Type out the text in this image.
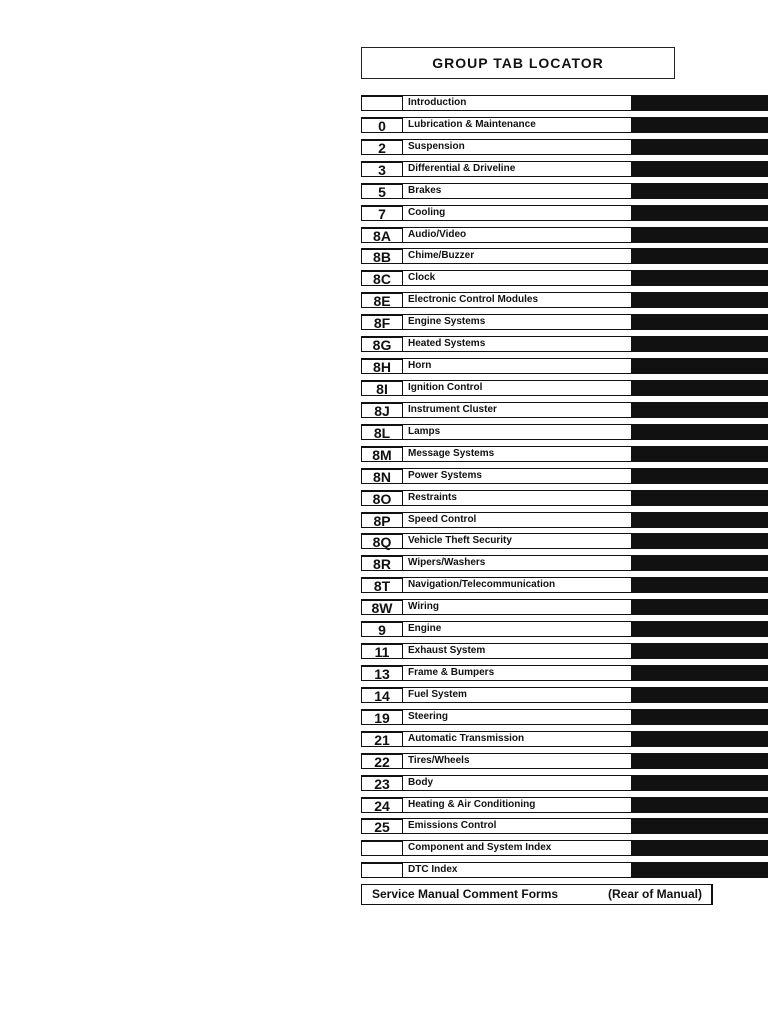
GROUP TAB LOCATOR
Introduction
0	Lubrication & Maintenance
2	Suspension
3	Differential & Driveline
5	Brakes
7	Cooling
8A	Audio/Video
8B	Chime/Buzzer
8C	Clock
8E	Electronic Control Modules
8F	Engine Systems
8G	Heated Systems
8H	Horn
8I	Ignition Control
8J	Instrument Cluster
8L	Lamps
8M	Message Systems
8N	Power Systems
8O	Restraints
8P	Speed Control
8Q	Vehicle Theft Security
8R	Wipers/Washers
8T	Navigation/Telecommunication
8W	Wiring
9	Engine
11	Exhaust System
13	Frame & Bumpers
14	Fuel System
19	Steering
21	Automatic Transmission
22	Tires/Wheels
23	Body
24	Heating & Air Conditioning
25	Emissions Control
Component and System Index
DTC Index
Service Manual Comment Forms	(Rear of Manual)
